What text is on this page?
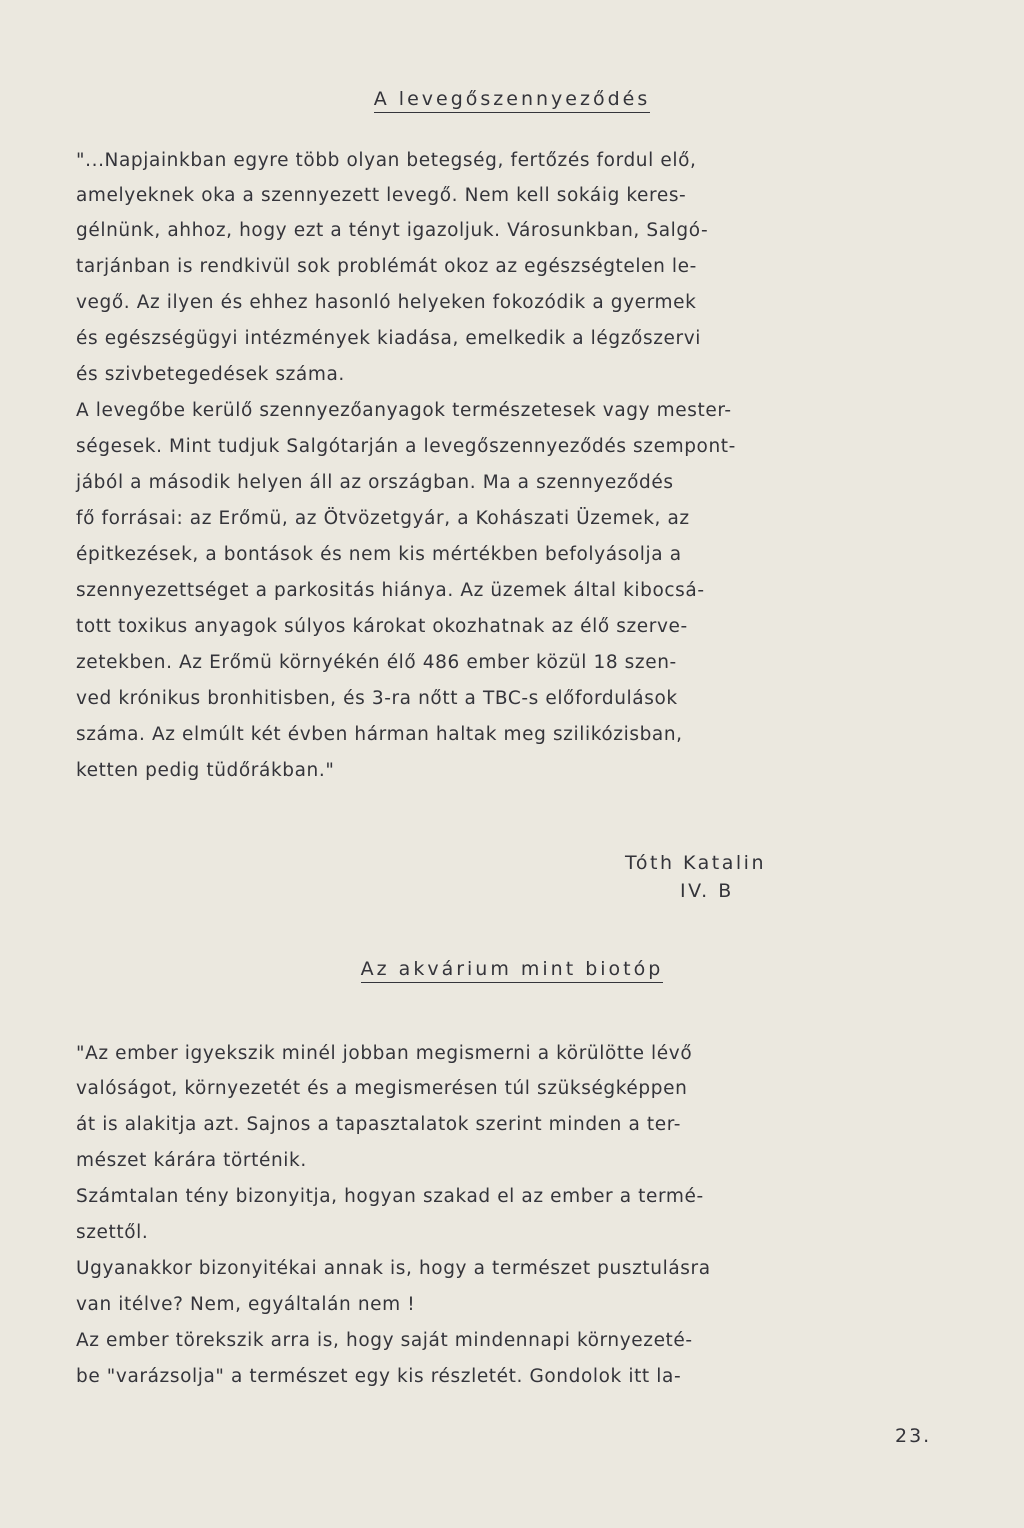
A levegőszennyeződés
"...Napjainkban egyre több olyan betegség, fertőzés fordul elő,
amelyeknek oka a szennyezett levegő. Nem kell sokáig keres-
gélnünk, ahhoz, hogy ezt a tényt igazoljuk. Városunkban, Salgó-
tarjánban is rendkivül sok problémát okoz az egészségtelen le-
vegő. Az ilyen és ehhez hasonló helyeken fokozódik a gyermek
és egészségügyi intézmények kiadása, emelkedik a légzőszervi
és szivbetegedések száma.
A levegőbe kerülő szennyezőanyagok természetesek vagy mester-
ségesek. Mint tudjuk Salgótarján a levegőszennyeződés szempont-
jából a második helyen áll az országban. Ma a szennyeződés
fő forrásai: az Erőmü, az Ötvözetgyár, a Kohászati Üzemek, az
épitkezések, a bontások és nem kis mértékben befolyásolja a
szennyezettséget a parkositás hiánya. Az üzemek által kibocsá-
tott toxikus anyagok súlyos károkat okozhatnak az élő szerve-
zetekben. Az Erőmü környékén élő 486 ember közül 18 szen-
ved krónikus bronhitisben, és 3-ra nőtt a TBC-s előfordulások
száma. Az elmúlt két évben hárman haltak meg szilikózisban,
ketten pedig tüdőrákban."
Tóth Katalin
IV. B
Az akvárium mint biotóp
"Az ember igyekszik minél jobban megismerni a körülötte lévő
valóságot, környezetét és a megismerésen túl szükségképpen
át is alakitja azt. Sajnos a tapasztalatok szerint minden a ter-
mészet kárára történik.
Számtalan tény bizonyitja, hogyan szakad el az ember a termé-
szettől.
Ugyanakkor bizonyitékai annak is, hogy a természet pusztulásra
van itélve? Nem, egyáltalán nem !
Az ember törekszik arra is, hogy saját mindennapi környezeté-
be "varázsolja" a természet egy kis részletét. Gondolok itt la-
23.
